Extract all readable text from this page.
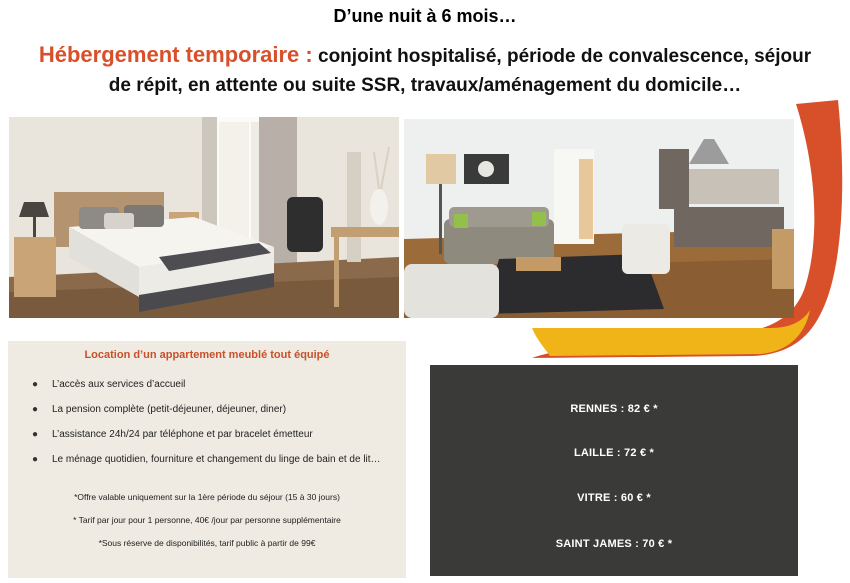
D’une nuit à 6 mois…
Hébergement temporaire : conjoint hospitalisé, période de convalescence, séjour
de répit, en attente ou suite SSR, travaux/aménagement du domicile…
Location d’un appartement meublé tout équipé
● L’accès aux services d’accueil
● La pension complète (petit-déjeuner, déjeuner, diner)
● L’assistance 24h/24 par téléphone et par bracelet émetteur
● Le ménage quotidien, fourniture et changement du linge de bain et de lit…

*Offre valable uniquement sur la 1ère période du séjour (15 à 30 jours)

* Tarif par jour pour 1 personne, 40€ /jour par personne supplémentaire

*Sous réserve de disponibilités, tarif public à partir de 99€

RENNES : 82 € *
LAILLE : 72 € *
VITRE : 60 € *
SAINT JAMES : 70 € *
